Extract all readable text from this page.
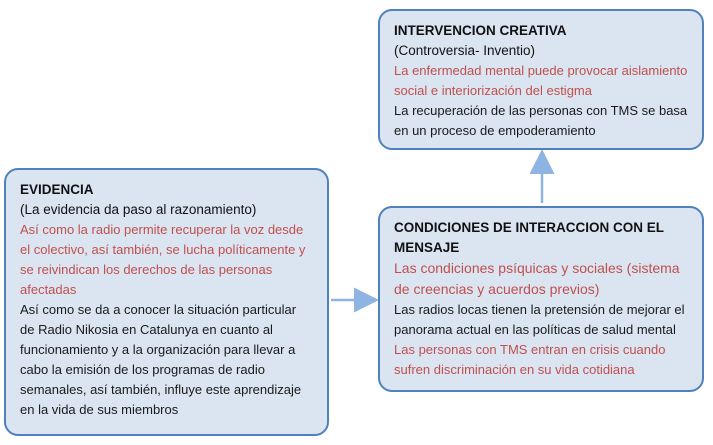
INTERVENCION CREATIVA
(Controversia- Inventio)
La enfermedad mental puede provocar aislamiento social e interiorización del estigma
La recuperación de las personas con TMS se basa en un proceso de empoderamiento
EVIDENCIA
(La evidencia da paso al razonamiento)
Así como la radio permite recuperar la voz desde el colectivo, así también, se lucha políticamente y se reivindican los derechos de las personas afectadas
Así como se da a conocer la situación particular de Radio Nikosia en Catalunya en cuanto al funcionamiento y a la organización para llevar a cabo la emisión de los programas de radio semanales, así también, influye este aprendizaje en la vida de sus miembros
CONDICIONES DE INTERACCION CON EL MENSAJE
Las condiciones psíquicas y sociales (sistema de creencias y acuerdos previos)
Las radios locas tienen la pretensión de mejorar el panorama actual en las políticas de salud mental
Las personas con TMS entran en crisis cuando sufren discriminación en su vida cotidiana
